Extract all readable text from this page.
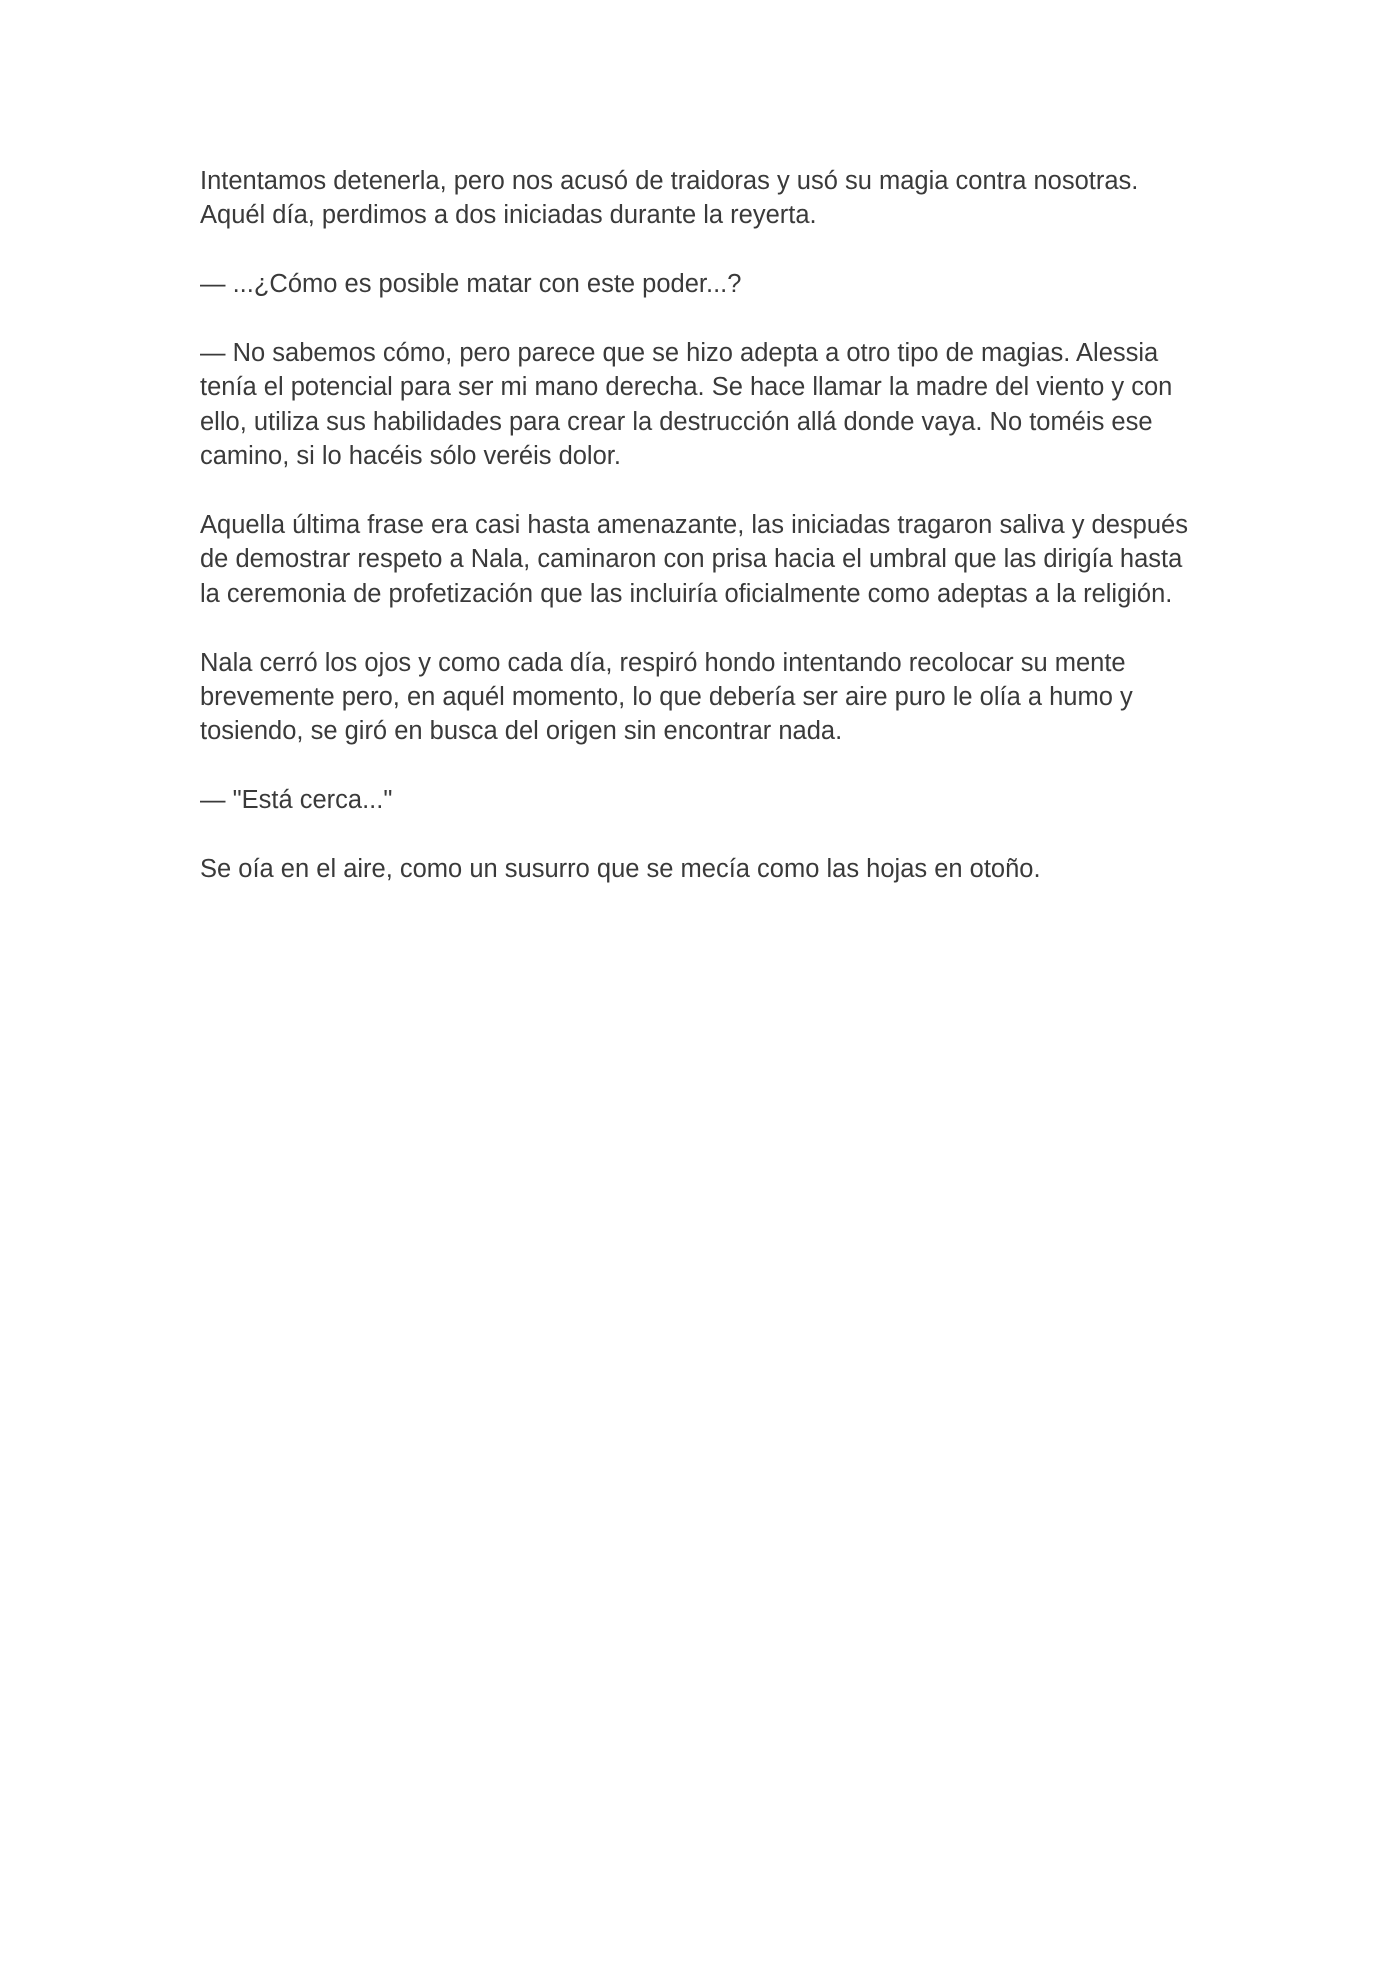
Intentamos detenerla, pero nos acusó de traidoras y usó su magia contra nosotras. Aquél día, perdimos a dos iniciadas durante la reyerta.

— ...¿Cómo es posible matar con este poder...?

— No sabemos cómo, pero parece que se hizo adepta a otro tipo de magias. Alessia tenía el potencial para ser mi mano derecha. Se hace llamar la madre del viento y con ello, utiliza sus habilidades para crear la destrucción allá donde vaya. No toméis ese camino, si lo hacéis sólo veréis dolor.

Aquella última frase era casi hasta amenazante, las iniciadas tragaron saliva y después de demostrar respeto a Nala, caminaron con prisa hacia el umbral que las dirigía hasta la ceremonia de profetización que las incluiría oficialmente como adeptas a la religión.

Nala cerró los ojos y como cada día, respiró hondo intentando recolocar su mente brevemente pero, en aquél momento, lo que debería ser aire puro le olía a humo y tosiendo, se giró en busca del origen sin encontrar nada.

— "Está cerca..."

Se oía en el aire, como un susurro que se mecía como las hojas en otoño.
